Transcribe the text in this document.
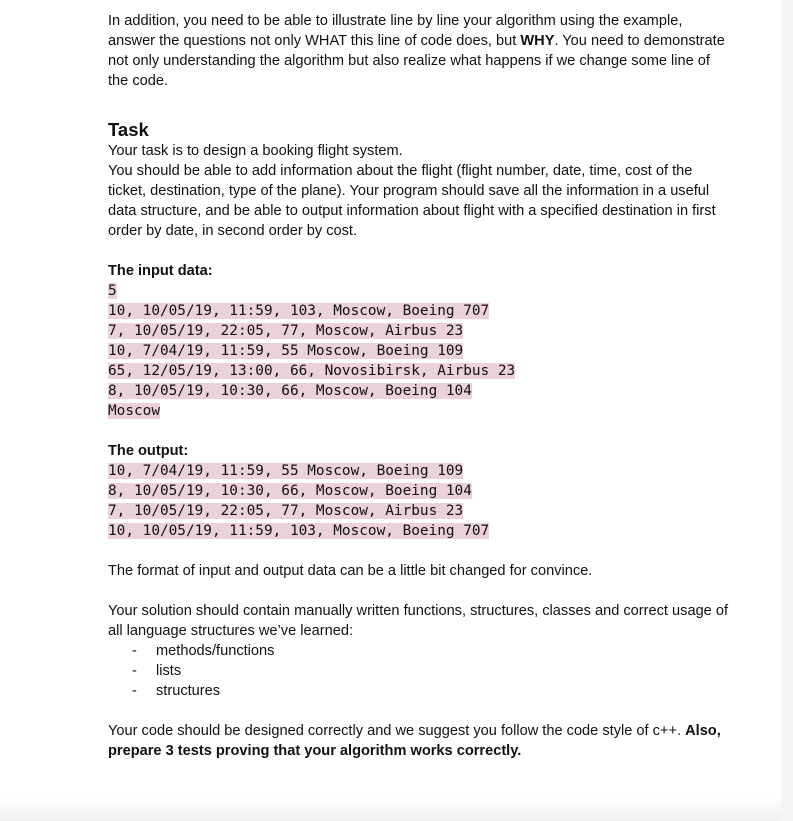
In addition, you need to be able to illustrate line by line your algorithm using the example,
answer the questions not only WHAT this line of code does, but WHY. You need to demonstrate
not only understanding the algorithm but also realize what happens if we change some line of
the code.

Task

Your task is to design a booking flight system.

You should be able to add information about the flight (flight number, date, time, cost of the
ticket, destination, type of the plane). Your program should save all the information in a useful
data structure, and be able to output information about flight with a specified destination in first
order by date, in second order by cost.

The input data:

5
10, 10/05/19, 11:59, 103, Moscow, Boeing 707
7, 10/05/19, 22:05, 77, Moscow, Airbus 23
10, 7/04/19, 11:59, 55 Moscow, Boeing 109
65, 12/05/19, 13:00, 66, Novosibirsk, Airbus 23
8, 10/05/19, 10:30, 66, Moscow, Boeing 104
Moscow

The output:

10, 7/04/19, 11:59, 55 Moscow, Boeing 109
8, 10/05/19, 10:30, 66, Moscow, Boeing 104
7, 10/05/19, 22:05, 77, Moscow, Airbus 23
10, 10/05/19, 11:59, 103, Moscow, Boeing 707

The format of input and output data can be a little bit changed for convince.

Your solution should contain manually written functions, structures, classes and correct usage of
all language structures we’ve learned:

- methods/functions
- lists
- structures

Your code should be designed correctly and we suggest you follow the code style of c++. Also,
prepare 3 tests proving that your algorithm works correctly.
